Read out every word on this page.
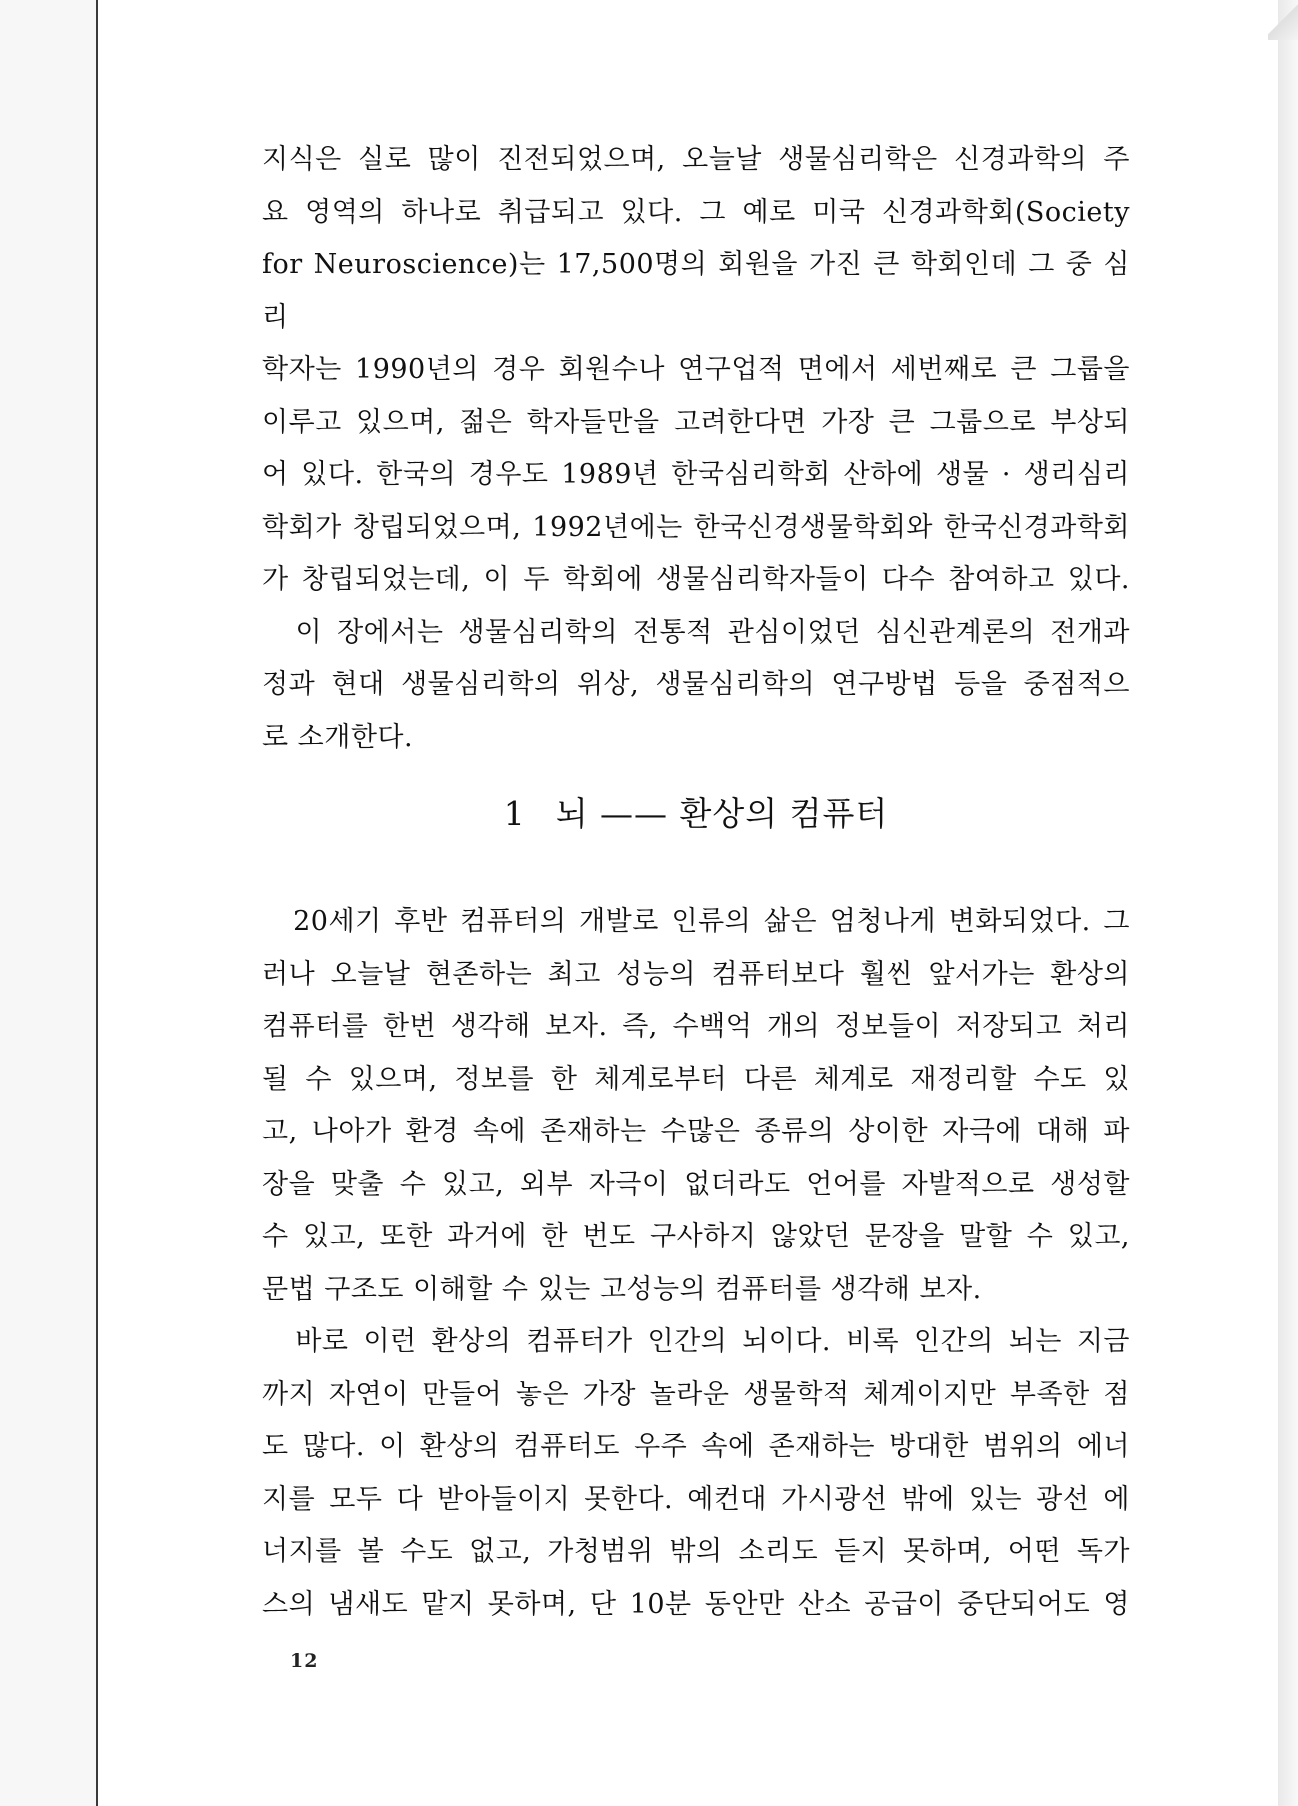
지식은 실로 많이 진전되었으며, 오늘날 생물심리학은 신경과학의 주

요 영역의 하나로 취급되고 있다. 그 예로 미국 신경과학회(Society

for Neuroscience)는 17,500명의 회원을 가진 큰 학회인데 그 중 심리

학자는 1990년의 경우 회원수나 연구업적 면에서 세번째로 큰 그룹을

이루고 있으며, 젊은 학자들만을 고려한다면 가장 큰 그룹으로 부상되

어 있다. 한국의 경우도 1989년 한국심리학회 산하에 생물 · 생리심리

학회가 창립되었으며, 1992년에는 한국신경생물학회와 한국신경과학회

가 창립되었는데, 이 두 학회에 생물심리학자들이 다수 참여하고 있다.

　이 장에서는 생물심리학의 전통적 관심이었던 심신관계론의 전개과

정과 현대 생물심리학의 위상, 생물심리학의 연구방법 등을 중점적으

로 소개한다.

1 뇌 —— 환상의 컴퓨터

　20세기 후반 컴퓨터의 개발로 인류의 삶은 엄청나게 변화되었다. 그

러나 오늘날 현존하는 최고 성능의 컴퓨터보다 훨씬 앞서가는 환상의

컴퓨터를 한번 생각해 보자. 즉, 수백억 개의 정보들이 저장되고 처리

될 수 있으며, 정보를 한 체계로부터 다른 체계로 재정리할 수도 있

고, 나아가 환경 속에 존재하는 수많은 종류의 상이한 자극에 대해 파

장을 맞출 수 있고, 외부 자극이 없더라도 언어를 자발적으로 생성할

수 있고, 또한 과거에 한 번도 구사하지 않았던 문장을 말할 수 있고,

문법 구조도 이해할 수 있는 고성능의 컴퓨터를 생각해 보자.

　바로 이런 환상의 컴퓨터가 인간의 뇌이다. 비록 인간의 뇌는 지금

까지 자연이 만들어 놓은 가장 놀라운 생물학적 체계이지만 부족한 점

도 많다. 이 환상의 컴퓨터도 우주 속에 존재하는 방대한 범위의 에너

지를 모두 다 받아들이지 못한다. 예컨대 가시광선 밖에 있는 광선 에

너지를 볼 수도 없고, 가청범위 밖의 소리도 듣지 못하며, 어떤 독가

스의 냄새도 맡지 못하며, 단 10분 동안만 산소 공급이 중단되어도 영

12
